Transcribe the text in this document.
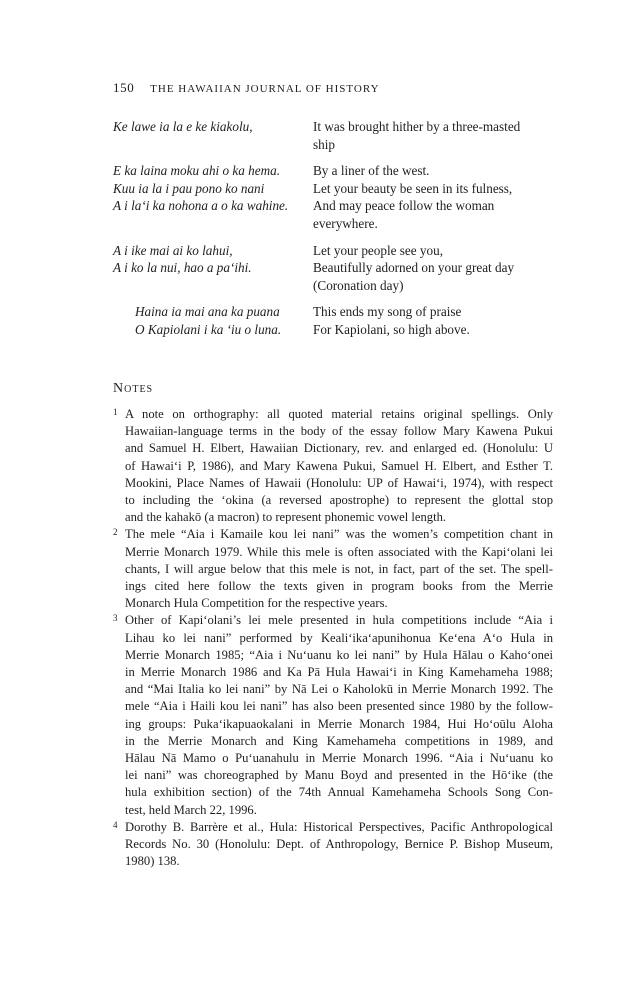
150 THE HAWAIIAN JOURNAL OF HISTORY
Ke lawe ia la e ke kiakolu,	It was brought hither by a three-masted
ship
E ka laina moku ahi o ka hema.
Kuu ia la i pau pono ko nani
A i la‘i ka nohona a o ka wahine.
By a liner of the west.
Let your beauty be seen in its fulness,
And may peace follow the woman
everywhere.
A i ike mai ai ko lahui,
A i ko la nui, hao a pa‘ihi.
Let your people see you,
Beautifully adorned on your great day
(Coronation day)
Haina ia mai ana ka puana
O Kapiolani i ka ‘iu o luna.
This ends my song of praise
For Kapiolani, so high above.
Notes
1 A note on orthography: all quoted material retains original spellings. Only
Hawaiian-language terms in the body of the essay follow Mary Kawena Pukui
and Samuel H. Elbert, Hawaiian Dictionary, rev. and enlarged ed. (Honolulu: U
of Hawai‘i P, 1986), and Mary Kawena Pukui, Samuel H. Elbert, and Esther T.
Mookini, Place Names of Hawaii (Honolulu: UP of Hawai‘i, 1974), with respect
to including the ‘okina (a reversed apostrophe) to represent the glottal stop
and the kahakō (a macron) to represent phonemic vowel length.
2 The mele “Aia i Kamaile kou lei nani” was the women’s competition chant in
Merrie Monarch 1979. While this mele is often associated with the Kapi‘olani lei
chants, I will argue below that this mele is not, in fact, part of the set. The spell-
ings cited here follow the texts given in program books from the Merrie
Monarch Hula Competition for the respective years.
3 Other of Kapi‘olani’s lei mele presented in hula competitions include “Aia i
Lihau ko lei nani” performed by Keali‘ika‘apunihonua Ke‘ena A‘o Hula in
Merrie Monarch 1985; “Aia i Nu‘uanu ko lei nani” by Hula Hālau o Kaho‘onei
in Merrie Monarch 1986 and Ka Pā Hula Hawai‘i in King Kamehameha 1988;
and “Mai Italia ko lei nani” by Nā Lei o Kaholokū in Merrie Monarch 1992. The
mele “Aia i Haili kou lei nani” has also been presented since 1980 by the follow-
ing groups: Puka‘ikapuaokalani in Merrie Monarch 1984, Hui Ho‘oūlu Aloha
in the Merrie Monarch and King Kamehameha competitions in 1989, and
Hālau Nā Mamo o Pu‘uanahulu in Merrie Monarch 1996. “Aia i Nu‘uanu ko
lei nani” was choreographed by Manu Boyd and presented in the Hō‘ike (the
hula exhibition section) of the 74th Annual Kamehameha Schools Song Con-
test, held March 22, 1996.
4 Dorothy B. Barrère et al., Hula: Historical Perspectives, Pacific Anthropological
Records No. 30 (Honolulu: Dept. of Anthropology, Bernice P. Bishop Museum,
1980) 138.
